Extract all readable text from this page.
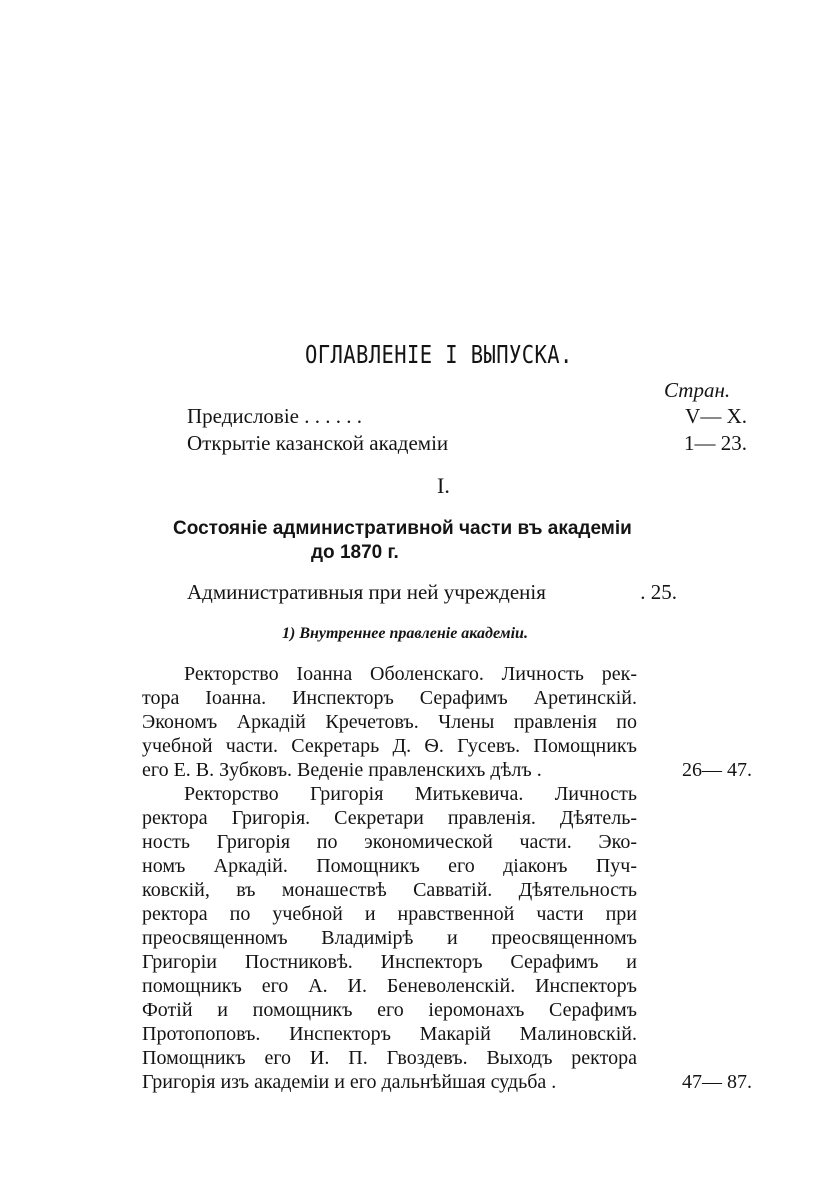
ОГЛАВЛЕНІЕ І ВЫПУСКА.
Стран.
Предисловіе . . . . . .	V— X.
Открытіе казанской академіи	1— 23.
I.
Состояніе административной части въ академіи
до 1870 г.
Административныя при ней учрежденія	. 25.
1) Внутреннее правленіе академіи.
Ректорство Іоанна Оболенскаго. Личность рек-
тора Іоанна. Инспекторъ Серафимъ Аретинскій.
Экономъ Аркадій Кречетовъ. Члены правленія по
учебной части. Секретарь Д. Ѳ. Гусевъ. Помощникъ
его Е. В. Зубковъ. Веденіе правленскихъ дѣлъ .	26— 47.
Ректорство Григорія Митькевича. Личность
ректора Григорія. Секретари правленія. Дѣятель-
ность Григорія по экономической части. Эко-
номъ Аркадій. Помощникъ его діаконъ Пуч-
ковскій, въ монашествѣ Савватій. Дѣятельность
ректора по учебной и нравственной части при
преосвященномъ Владимірѣ и преосвященномъ
Григоріи Постниковѣ. Инспекторъ Серафимъ и
помощникъ его А. И. Беневоленскій. Инспекторъ
Фотій и помощникъ его іеромонахъ Серафимъ
Протопоповъ. Инспекторъ Макарій Малиновскій.
Помощникъ его И. П. Гвоздевъ. Выходъ ректора
Григорія изъ академіи и его дальнѣйшая судьба .	47— 87.
